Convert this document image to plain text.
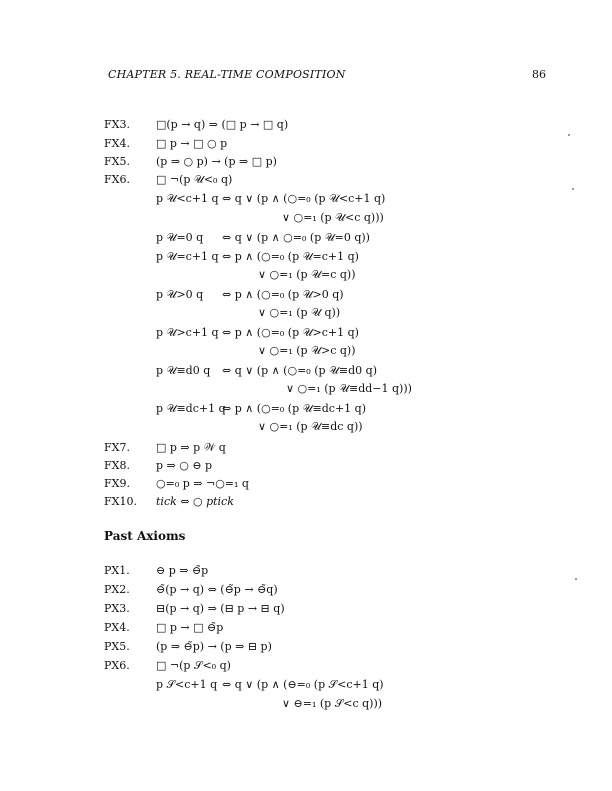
CHAPTER 5. REAL-TIME COMPOSITION	86
FX3. □(p → q) ⇒ (□ p → □ q)
FX4. □ p → □ ○ p
FX5. (p ⇒ ○ p) → (p ⇒ □ p)
FX6. □ ¬(p 𝒰<₀ q)
p 𝒰<c+1 q ⇔ q ∨ (p ∧ (○=₀ (p 𝒰<c+1 q)
∨ ○=₁ (p 𝒰<c q)))
p 𝒰=0 q ⇔ q ∨ (p ∧ ○=₀ (p 𝒰=0 q))
p 𝒰=c+1 q ⇔ p ∧ (○=₀ (p 𝒰=c+1 q)
∨ ○=₁ (p 𝒰=c q))
p 𝒰>0 q ⇔ p ∧ (○=₀ (p 𝒰>0 q)
∨ ○=₁ (p 𝒰 q))
p 𝒰>c+1 q ⇔ p ∧ (○=₀ (p 𝒰>c+1 q)
∨ ○=₁ (p 𝒰>c q))
p 𝒰≡d0 q ⇔ q ∨ (p ∧ (○=₀ (p 𝒰≡d0 q)
∨ ○=₁ (p 𝒰≡dd−1 q)))
p 𝒰≡dc+1 q
⇔ p ∧ (○=₀ (p 𝒰≡dc+1 q)
∨ ○=₁ (p 𝒰≡dc q))
FX7. □ p ⇒ p 𝒲 q
FX8. p ⇒ ○ ⊖ p
FX9. ○=₀ p ⇒ ¬○=₁ q
FX10. tick ⇔ ○ ptick
Past Axioms
PX1. ⊖ p ⇒ ⊖̃p
PX2. ⊖̃(p → q) ⇔ (⊖̃p → ⊖̃q)
PX3. ⊟(p → q) ⇒ (⊟ p → ⊟ q)
PX4. □ p → □ ⊖̃p
PX5. (p ⇒ ⊖̃p) → (p ⇒ ⊟ p)
PX6. □ ¬(p 𝒮<₀ q)
p 𝒮<c+1 q ⇔ q ∨ (p ∧ (⊖=₀ (p 𝒮<c+1 q)
∨ ⊖=₁ (p 𝒮<c q)))
